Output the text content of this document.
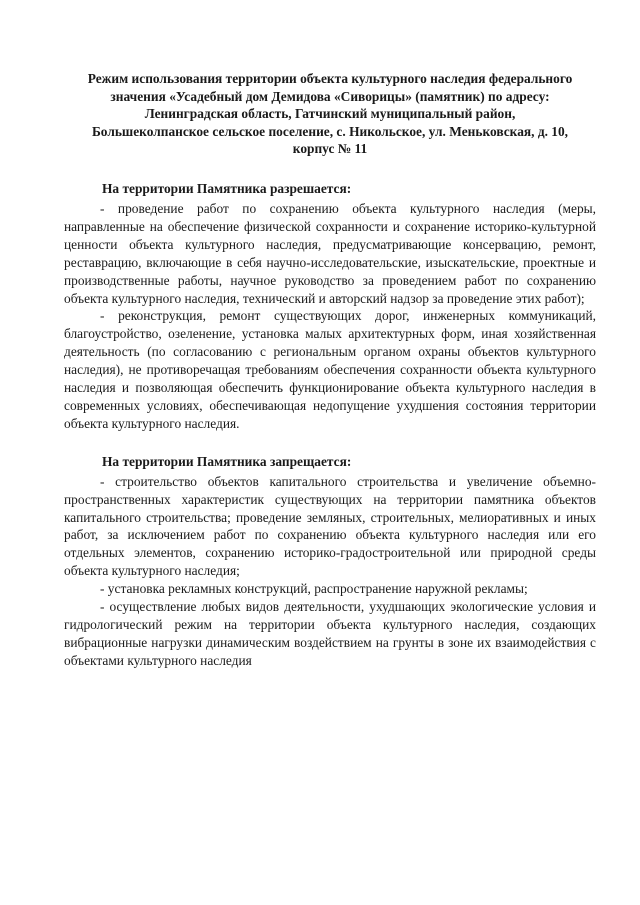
Режим использования территории объекта культурного наследия федерального
значения «Усадебный дом Демидова «Сиворицы» (памятник) по адресу:
Ленинградская область, Гатчинский муниципальный район,
Большеколпанское сельское поселение, с. Никольское, ул. Меньковская, д. 10,
корпус № 11

На территории Памятника разрешается:

- проведение работ по сохранению объекта культурного наследия (меры, направленные на обеспечение физической сохранности и сохранение историко-культурной ценности объекта культурного наследия, предусматривающие консервацию, ремонт, реставрацию, включающие в себя научно-исследовательские, изыскательские, проектные и производственные работы, научное руководство за проведением работ по сохранению объекта культурного наследия, технический и авторский надзор за проведение этих работ);

- реконструкция, ремонт существующих дорог, инженерных коммуникаций, благоустройство, озеленение, установка малых архитектурных форм, иная хозяйственная деятельность (по согласованию с региональным органом охраны объектов культурного наследия), не противоречащая требованиям обеспечения сохранности объекта культурного наследия и позволяющая обеспечить функционирование объекта культурного наследия в современных условиях, обеспечивающая недопущение ухудшения состояния территории объекта культурного наследия.

На территории Памятника запрещается:

- строительство объектов капитального строительства и увеличение объемно-пространственных характеристик существующих на территории памятника объектов капитального строительства; проведение земляных, строительных, мелиоративных и иных работ, за исключением работ по сохранению объекта культурного наследия или его отдельных элементов, сохранению историко-градостроительной или природной среды объекта культурного наследия;

- установка рекламных конструкций, распространение наружной рекламы;

- осуществление любых видов деятельности, ухудшающих экологические условия и гидрологический режим на территории объекта культурного наследия, создающих вибрационные нагрузки динамическим воздействием на грунты в зоне их взаимодействия с объектами культурного наследия
